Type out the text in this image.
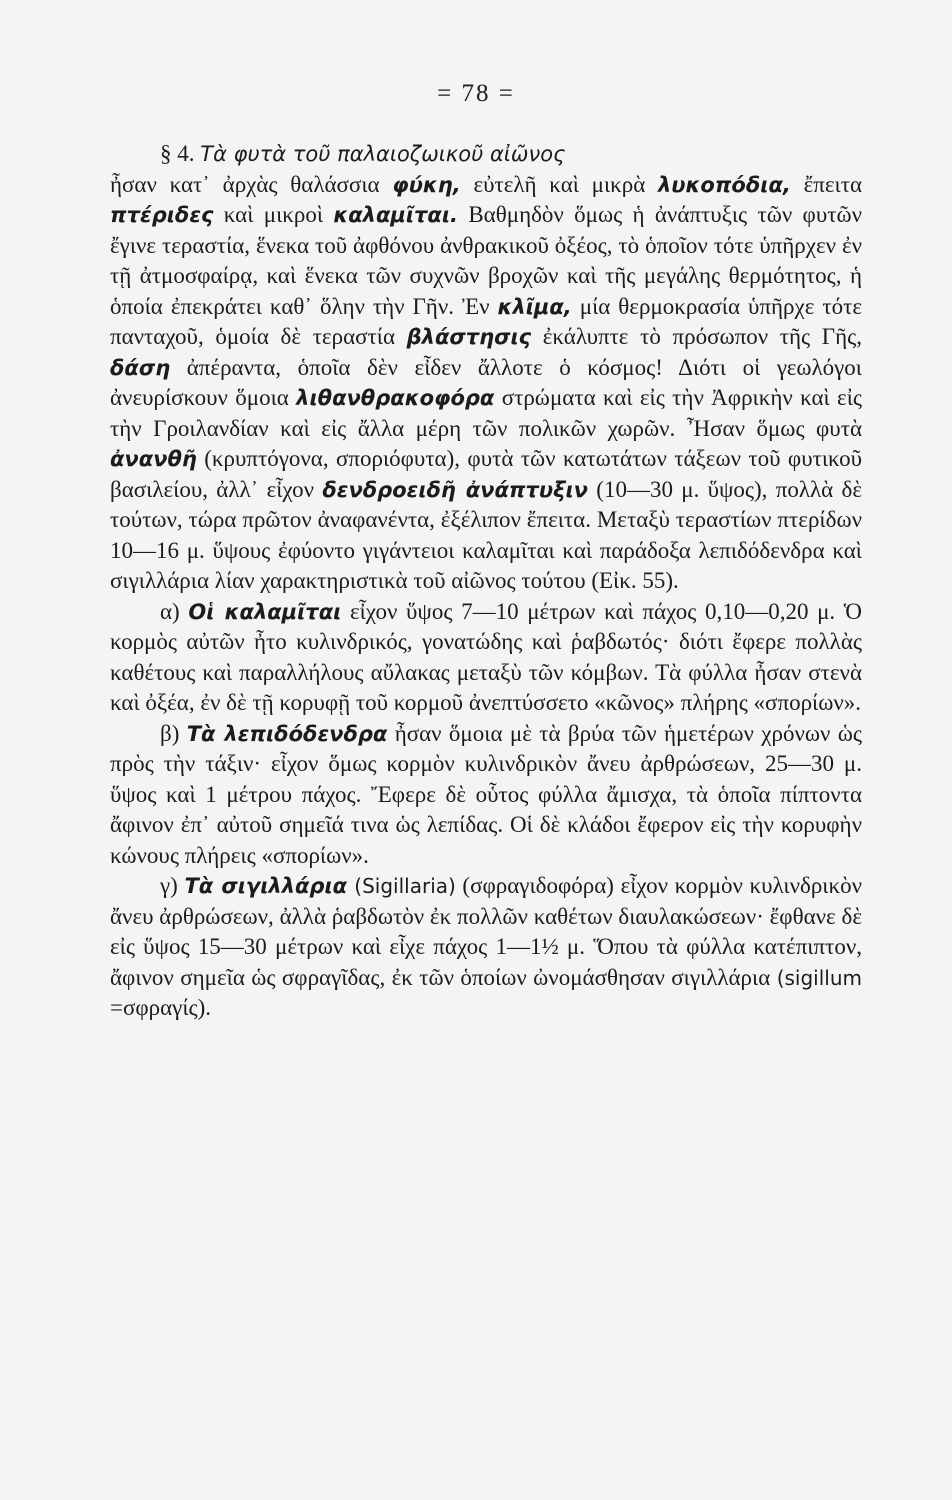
= 78 =

§ 4. Τὰ φυτὰ τοῦ παλαιοζωικοῦ αἰῶνος

ἦσαν κατ᾿ ἀρχὰς θαλάσσια φύκη, εὐτελῆ καὶ μικρὰ λυκοπόδια, ἔπειτα πτέριδες καὶ μικροὶ καλαμῖται. Βαθμηδὸν ὅμως ἡ ἀνάπτυξις τῶν φυτῶν ἔγινε τεραστία, ἕνεκα τοῦ ἀφθόνου ἀνθρακικοῦ ὀξέος, τὸ ὁποῖον τότε ὑπῆρχεν ἐν τῇ ἀτμοσφαίρᾳ, καὶ ἕνεκα τῶν συχνῶν βροχῶν καὶ τῆς μεγάλης θερμότητος, ἡ ὁποία ἐπεκράτει καθ᾿ ὅλην τὴν Γῆν. Ἐν κλῖμα, μία θερμοκρασία ὑπῆρχε τότε πανταχοῦ, ὁμοία δὲ τεραστία βλάστησις ἐκάλυπτε τὸ πρόσωπον τῆς Γῆς, δάση ἀπέραντα, ὁποῖα δὲν εἶδεν ἄλλοτε ὁ κόσμος! Διότι οἱ γεωλόγοι ἀνευρίσκουν ὅμοια λιθανθρακοφόρα στρώματα καὶ εἰς τὴν Ἀφρικὴν καὶ εἰς τὴν Γροιλανδίαν καὶ εἰς ἄλλα μέρη τῶν πολικῶν χωρῶν. Ἦσαν ὅμως φυτὰ ἀνανθῆ (κρυπτόγονα, σποριόφυτα), φυτὰ τῶν κατωτάτων τάξεων τοῦ φυτικοῦ βασιλείου, ἀλλ᾿ εἶχον δενδροειδῆ ἀνάπτυξιν (10—30 μ. ὕψος), πολλὰ δὲ τούτων, τώρα πρῶτον ἀναφανέντα, ἐξέλιπον ἔπειτα. Μεταξὺ τεραστίων πτερίδων 10—16 μ. ὕψους ἐφύοντο γιγάντειοι καλαμῖται καὶ παράδοξα λεπιδόδενδρα καὶ σιγιλλάρια λίαν χαρακτηριστικὰ τοῦ αἰῶνος τούτου (Εἰκ. 55).

α) Οἱ καλαμῖται εἶχον ὕψος 7—10 μέτρων καὶ πάχος 0,10—0,20 μ. Ὁ κορμὸς αὐτῶν ἦτο κυλινδρικός, γονατώδης καὶ ῥαβδωτός· διότι ἔφερε πολλὰς καθέτους καὶ παραλλήλους αὔλακας μεταξὺ τῶν κόμβων. Τὰ φύλλα ἦσαν στενὰ καὶ ὀξέα, ἐν δὲ τῇ κορυφῇ τοῦ κορμοῦ ἀνεπτύσσετο «κῶνος» πλήρης «σπορίων».

β) Τὰ λεπιδόδενδρα ἦσαν ὅμοια μὲ τὰ βρύα τῶν ἡμετέρων χρόνων ὡς πρὸς τὴν τάξιν· εἶχον ὅμως κορμὸν κυλινδρικὸν ἄνευ ἀρθρώσεων, 25—30 μ. ὕψος καὶ 1 μέτρου πάχος. Ἔφερε δὲ οὗτος φύλλα ἄμισχα, τὰ ὁποῖα πίπτοντα ἄφινον ἐπ᾿ αὐτοῦ σημεῖά τινα ὡς λεπίδας. Οἱ δὲ κλάδοι ἔφερον εἰς τὴν κορυφὴν κώνους πλήρεις «σπορίων».

γ) Τὰ σιγιλλάρια (Sigillaria) (σφραγιδοφόρα) εἶχον κορμὸν κυλινδρικὸν ἄνευ ἀρθρώσεων, ἀλλὰ ῥαβδωτὸν ἐκ πολλῶν καθέτων διαυλακώσεων· ἔφθανε δὲ εἰς ὕψος 15—30 μέτρων καὶ εἶχε πάχος 1—1½ μ. Ὅπου τὰ φύλλα κατέπιπτον, ἄφινον σημεῖα ὡς σφραγῖδας, ἐκ τῶν ὁποίων ὠνομάσθησαν σιγιλλάρια (sigillum =σφραγίς).
